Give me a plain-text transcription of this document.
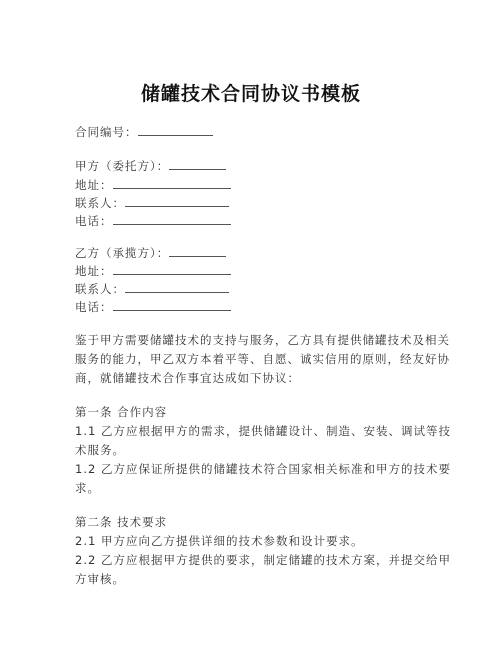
储罐技术合同协议书模板
合同编号：
甲方（委托方）：
地址：
联系人：
电话：
乙方（承揽方）：
地址：
联系人：
电话：
鉴于甲方需要储罐技术的支持与服务，乙方具有提供储罐技术及相关
服务的能力，甲乙双方本着平等、自愿、诚实信用的原则，经友好协
商，就储罐技术合作事宜达成如下协议：
第一条 合作内容
1.1 乙方应根据甲方的需求，提供储罐设计、制造、安装、调试等技
术服务。
1.2 乙方应保证所提供的储罐技术符合国家相关标准和甲方的技术要
求。
第二条 技术要求
2.1 甲方应向乙方提供详细的技术参数和设计要求。
2.2 乙方应根据甲方提供的要求，制定储罐的技术方案，并提交给甲
方审核。
